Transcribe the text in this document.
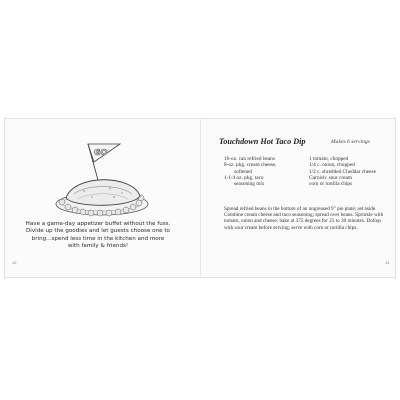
GO
Have a game-day appetizer buffet without the fuss.
Divide up the goodies and let guests choose one to
bring...spend less time in the kitchen and more
with family & friends!
12
Touchdown Hot Taco Dip	Makes 6 servings
16-oz. can refried beans
8-oz. pkg. cream cheese,
softened
1-1/4 oz. pkg. taco
seasoning mix
1 tomato, chopped
1/4 c. onion, chopped
1/2 c. shredded Cheddar cheese
Garnish: sour cream
corn or tortilla chips
Spread refried beans in the bottom of an ungreased 9" pie plate; set aside. Combine cream cheese and taco seasoning; spread over beans. Sprinkle with tomato, onion and cheese; bake at 375 degrees for 25 to 30 minutes. Dollop with sour cream before serving; serve with corn or tortilla chips.
13
